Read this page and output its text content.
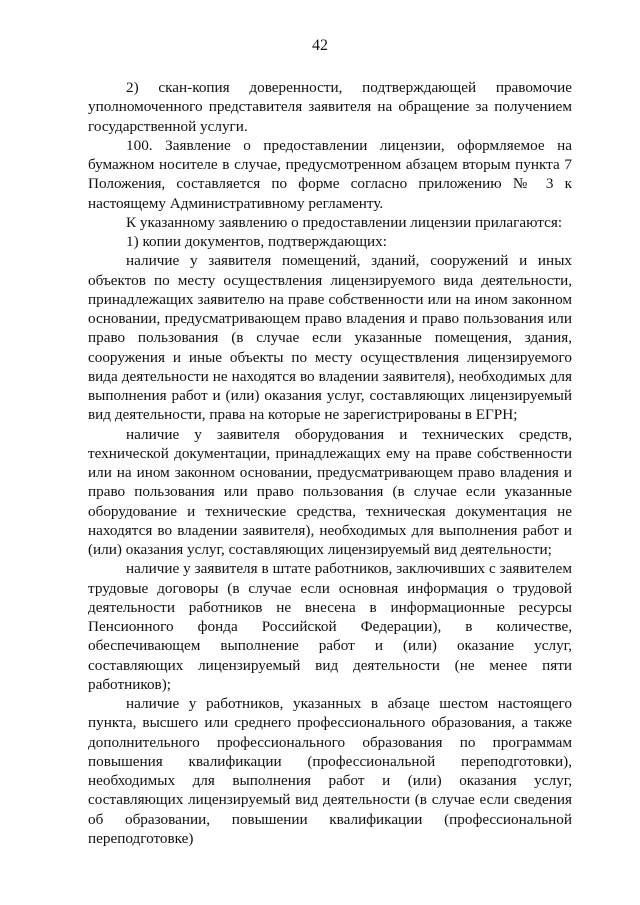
42

2) скан-копия доверенности, подтверждающей правомочие уполномоченного представителя заявителя на обращение за получением государственной услуги.

100. Заявление о предоставлении лицензии, оформляемое на бумажном носителе в случае, предусмотренном абзацем вторым пункта 7 Положения, составляется по форме согласно приложению № 3 к настоящему Административному регламенту.

К указанному заявлению о предоставлении лицензии прилагаются:

1) копии документов, подтверждающих:

наличие у заявителя помещений, зданий, сооружений и иных объектов по месту осуществления лицензируемого вида деятельности, принадлежащих заявителю на праве собственности или на ином законном основании, предусматривающем право владения и право пользования или право пользования (в случае если указанные помещения, здания, сооружения и иные объекты по месту осуществления лицензируемого вида деятельности не находятся во владении заявителя), необходимых для выполнения работ и (или) оказания услуг, составляющих лицензируемый вид деятельности, права на которые не зарегистрированы в ЕГРН;

наличие у заявителя оборудования и технических средств, технической документации, принадлежащих ему на праве собственности или на ином законном основании, предусматривающем право владения и право пользования или право пользования (в случае если указанные оборудование и технические средства, техническая документация не находятся во владении заявителя), необходимых для выполнения работ и (или) оказания услуг, составляющих лицензируемый вид деятельности;

наличие у заявителя в штате работников, заключивших с заявителем трудовые договоры (в случае если основная информация о трудовой деятельности работников не внесена в информационные ресурсы Пенсионного фонда Российской Федерации), в количестве, обеспечивающем выполнение работ и (или) оказание услуг, составляющих лицензируемый вид деятельности (не менее пяти работников);

наличие у работников, указанных в абзаце шестом настоящего пункта, высшего или среднего профессионального образования, а также дополнительного профессионального образования по программам повышения квалификации (профессиональной переподготовки), необходимых для выполнения работ и (или) оказания услуг, составляющих лицензируемый вид деятельности (в случае если сведения об образовании, повышении квалификации (профессиональной переподготовке)
